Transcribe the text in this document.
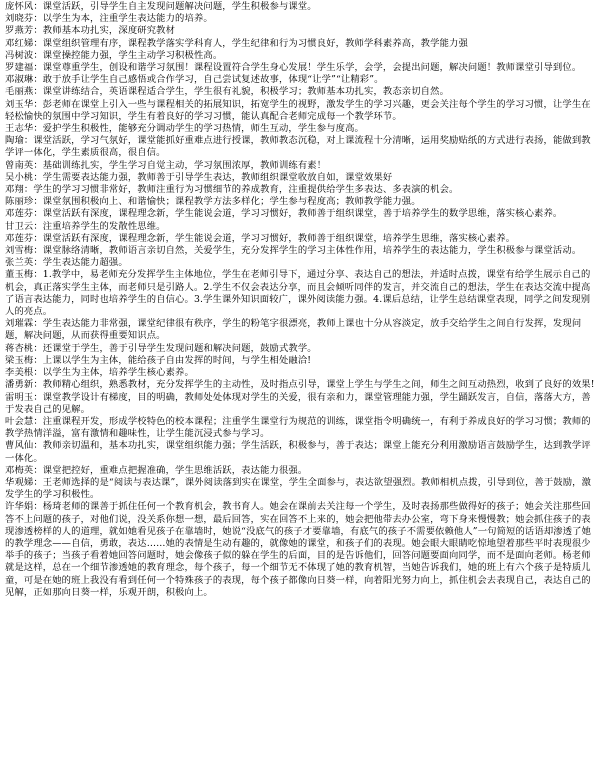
庞怀风：课堂活跃，引导学生自主发现问题解决问题，学生积极参与课堂。

刘晓芬：以学生为本，注重学生表达能力的培养。

罗燕芳：教师基本功扎实，深度研究教材

邓红娣：课堂组织管理有序，课程教学落实学科育人，学生纪律和行为习惯良好，教师学科素养高，教学能力强

冯树波：课堂操控能力强，学生主动学习积极性高。

罗建福：课堂尊重学生，创设和谐学习氛围！课程设置符合学生身心发展！学生乐学，会学，会提出问题，解决问题！教师课堂引导到位。

邓淑琳：敢于放手让学生自己感悟或合作学习，自己尝试复述故事，体现“让学”“让精彩”。

毛丽燕：课堂讲练结合，英语课程适合学生，学生很有礼貌，积极学习；教师基本功扎实，教态亲切自然。

刘玉华：彭老师在课堂上引入一些与课程相关的拓展知识，拓宽学生的视野，激发学生的学习兴趣，更会关注每个学生的学习习惯，让学生在轻松愉快的氛围中学习知识，学生有着良好的学习习惯，能认真配合老师完成每一个教学环节。

王志华：爱护学生积极性，能够充分调动学生的学习热情，师生互动，学生参与度高。

陶瑜：课堂活跃，学习气氛好，课堂能抓好重难点进行授课，教师教态沉稳，对上课流程十分清晰，运用奖励贴纸的方式进行表扬，能做到教学评一体化，学生素质很高，很自信。

曾南英：基础训练扎实，学生学习自觉主动，学习氛围浓厚，教师训练有素！

吴小桃：学生需要表达能力强，教师善于引导学生表达，教师组织课堂收放自如，课堂效果好

邓翔：学生的学习习惯非常好，教师注重行为习惯细节的养成教育，注重提供给学生多表达、多表演的机会。

陈丽珍：课堂氛围积极向上、和谐愉快；课程教学方法多样化；学生参与程度高；教师教学能力强。

邓莲芬：课堂活跃有深度，课程理念新，学生能说会道，学习习惯好，教师善于组织课堂，善于培养学生的数学思维，落实核心素养。

甘卫云：注重培养学生的发散性思维。

邓莲芬：课堂活跃有深度，课程理念新，学生能说会道，学习习惯好，教师善于组织课堂，培养学生思维，落实核心素养。

刘雪梅：课堂脉络清晰，教师语言亲切自然，关爱学生，充分发挥学生的学习主体性作用，培养学生的表达能力，学生积极参与课堂活动。

张兰英：学生表达能力超强。

董玉梅：1.教学中，易老师充分发挥学生主体地位，学生在老师引导下，通过分享、表达自己的想法，并适时点拨，课堂有给学生展示自己的机会，真正落实学生主体，而老师只是引路人。2.学生不仅会表达分享，而且会倾听同伴的发言，并交流自己的想法，学生在表达交流中提高了语言表达能力，同时也培养学生的自信心。3.学生课外知识面较广，课外阅读能力强。4.课后总结，让学生总结课堂表现，同学之间发现别人的亮点。

刘璀霖：学生表达能力非常强，课堂纪律很有秩序，学生的粉笔字很漂亮，教师上课也十分从容淡定，放手交给学生之间自行发挥，发现问题，解决问题，从而获得重要知识点。

蒋杏桃：还课堂于学生，善于引导学生发现问题和解决问题，鼓励式教学。

梁玉梅：上课以学生为主体，能给孩子自由发挥的时间，与学生相处融洽!

李美根：以学生为主体，培养学生核心素养。

潘勇新：教师精心组织，熟悉教材，充分发挥学生的主动性，及时指点引导，课堂上学生与学生之间，师生之间互动热烈，收到了良好的效果!

雷明玉：课堂教学设计有梯度，目的明确，教师处处体现对学生的关爱，很有亲和力，课堂管理能力强，学生踊跃发言，自信，落落大方，善于发表自己的见解。

叶会慧：注重课程开发，形成学校特色的校本课程；注重学生课堂行为规范的训练，课堂指令明确统一，有利于养成良好的学习习惯；教师的教学热情洋溢，富有激情和趣味性，让学生能沉浸式参与学习。

曹风仙：教师亲切温和，基本功扎实，课堂组织能力强；学生活跃，积极参与，善于表达；课堂上能充分利用激励语言鼓励学生，达到教学评一体化。

邓梅英：课堂把控好，重难点把握准确，学生思维活跃，表达能力很强。

华观娣：王老师选择的是“阅读与表达课”，课外阅读落到实在课堂，学生全面参与，表达欲望强烈。教师相机点拨，引导到位，善于鼓励，激发学生的学习积极性。

许华娟：杨琦老师的课善于抓住任何一个教育机会，教书育人。她会在课前去关注每一个学生，及时表扬那些做得好的孩子；她会关注那些回答不上问题的孩子，对他们说，没关系你想一想，最后回答，实在回答不上来的，她会把他带去办公室，弯下身来慢慢教；她会抓住孩子的表现渗透榜样的人的道理，就如她看见孩子在靠墙时，她说“没底气的孩子才要靠墙，有底气的孩子不需要依赖他人”一句简短的话语却渗透了她的教学理念——自信，勇敢，表达……她的表情是生动有趣的，就像她的课堂，和孩子们的表现。她会眼大眼睛吃惊地望着那些平时表现很少举手的孩子；当孩子看着她回答问题时，她会像孩子似的躲在学生的后面，目的是告诉他们，回答问题要面向同学，而不是面向老师。杨老师就是这样，总在一个细节渗透她的教育理念，每个孩子，每一个细节无不体现了她的教育机智，当她告诉我们，她的班上有六个孩子是特质儿童，可是在她的班上我没有看到任何一个特殊孩子的表现，每个孩子都像向日葵一样，向着阳光努力向上，抓住机会去表现自己，表达自己的见解，正如那向日葵一样，乐观开朗，积极向上。
